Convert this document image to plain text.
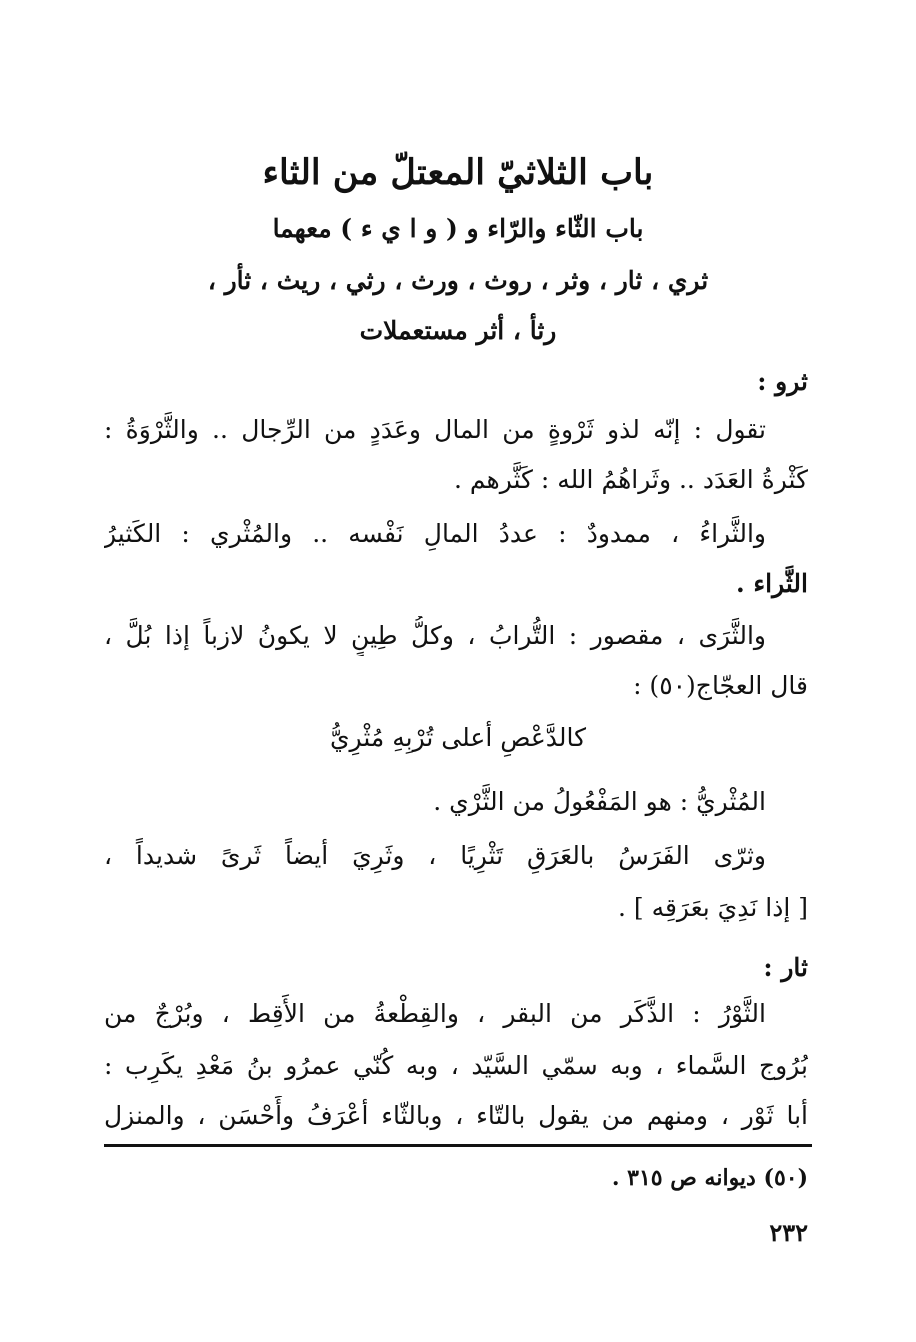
باب الثلاثيّ المعتلّ من الثاء
باب الثّاء والرّاء و ( و ا ي ء ) معهما
ثري ، ثار ، وثر ، روث ، ورث ، رثي ، ريث ، ثأر ،
رثأ ، أثر مستعملات
ثرو :
تقول : إنّه لذو ثَرْوةٍ من المال وعَدَدٍ من الرِّجال .. والثَّرْوَةُ :
كَثْرةُ العَدَد .. وثَراهُمُ الله : كَثَّرهم .
والثَّراءُ ، ممدودٌ : عددُ المالِ نَفْسه .. والمُثْري : الكَثيرُ
الثَّراء .
والثَّرَى ، مقصور : التُّرابُ ، وكلُّ طِينٍ لا يكونُ لازباً إذا بُلَّ ،
قال العجّاج(٥٠) :
كالدَّعْصِ أعلى تُرْبِهِ مُثْرِيُّ
المُثْريُّ : هو المَفْعُولُ من الثَّرْي .
وثرّى الفَرَسُ بالعَرَقِ تَثْرِيًا ، وثَرِيَ أيضاً ثَرىً شديداً ،
[ إذا نَدِيَ بعَرَقِه ] .
ثار :
الثَّوْرُ : الذَّكَر من البقر ، والقِطْعةُ من الأَقِط ، وبُرْجٌ من
بُرُوج السَّماء ، وبه سمّي السَّيّد ، وبه كُنّي عمرُو بنُ مَعْدِ يكَرِب :
أبا ثَوْر ، ومنهم من يقول بالتّاء ، وبالثّاء أعْرَفُ وأَحْسَن ، والمنزل
(٥٠) ديوانه ص ٣١٥ .
٢٣٢
